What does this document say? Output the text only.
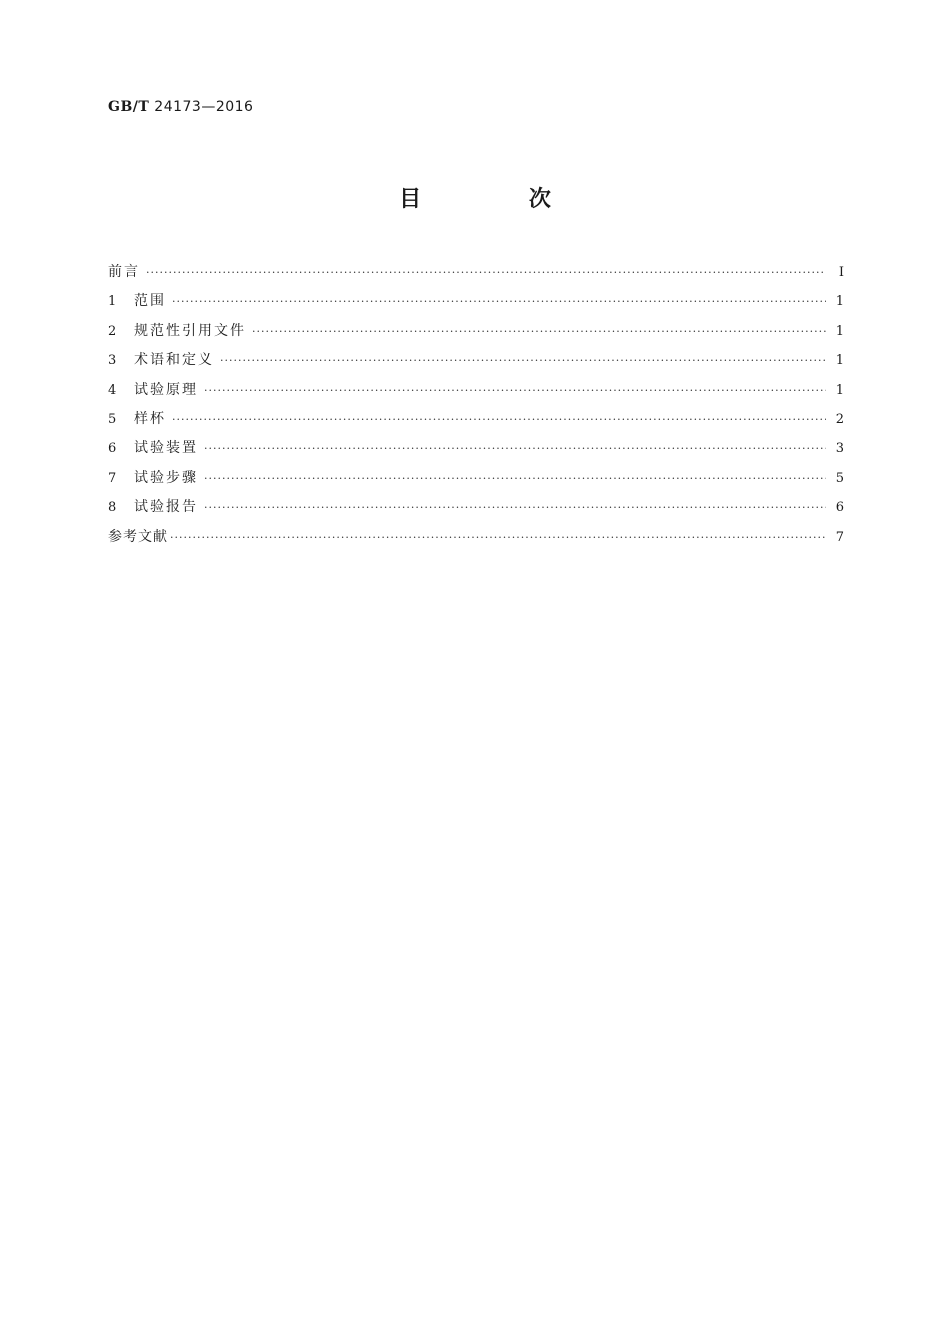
GB/T 24173—2016
目 次
前言 ·····	Ⅰ
1	范围 ·····	1
2	规范性引用文件 ·····	1
3	术语和定义 ·····	1
4	试验原理 ·····	1
5	样杯 ·····	2
6	试验装置 ·····	3
7	试验步骤 ·····	5
8	试验报告 ·····	6
参考文献 ·····	7
